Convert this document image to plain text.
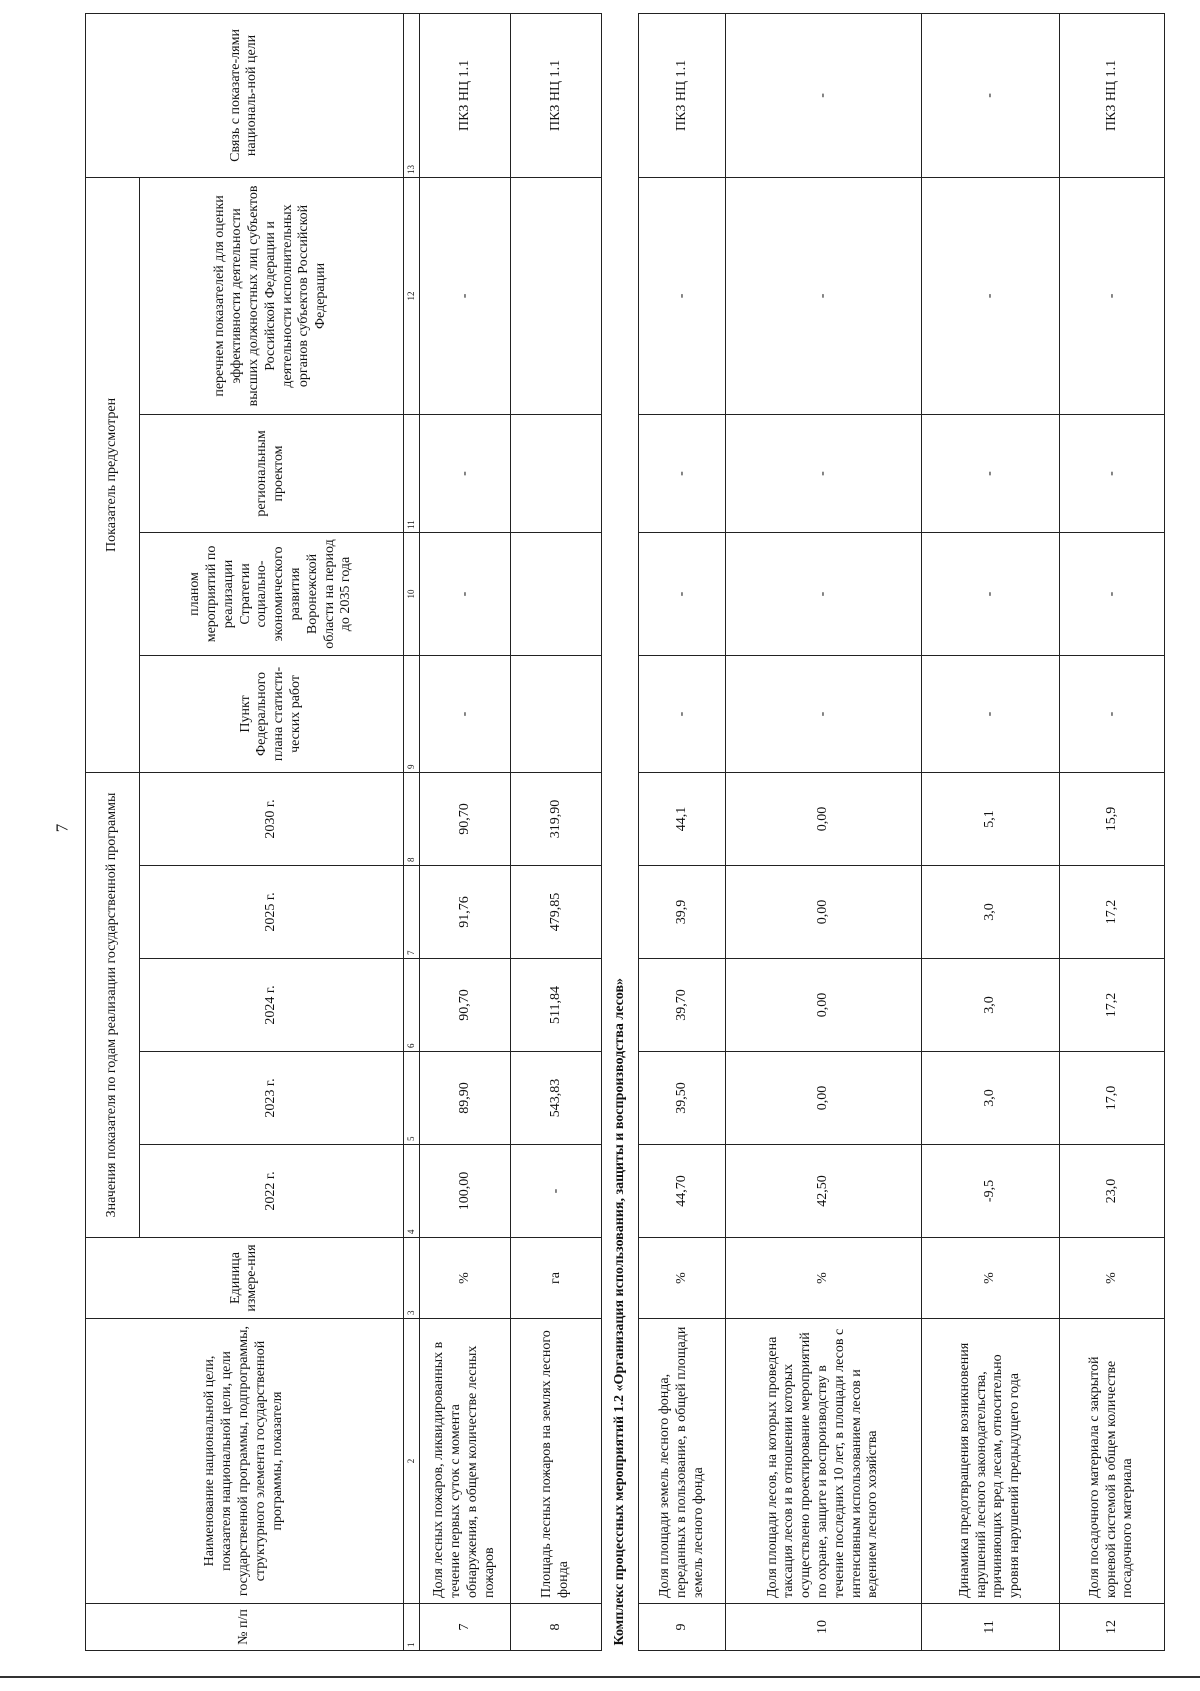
7
№ п/п	Наименование национальной цели, показателя национальной цели, цели государственной программы, подпрограммы, структурного элемента государственной программы, показателя	Единица измере-ния	Значения показателя по годам реализации государственной программы					Показатель предусмотрен				Связь с показате-лями националь-ной цели
			2022 г.	2023 г.	2024 г.	2025 г.	2030 г.	Пункт Федерального плана статисти-ческих работ	планом мероприятий по реализации Стратегии социально-экономического развития Воронежской области на период до 2035 года	региональным проектом	перечнем показателей для оценки эффективности деятельности высших должностных лиц субъектов Российской Федерации и деятельности исполнительных органов субъектов Российской Федерации	
1	2	3	4	5	6	7	8	9	10	11	12	13
7	Доля лесных пожаров, ликвидированных в течение первых суток с момента обнаружения, в общем количестве лесных пожаров	%	100,00	89,90	90,70	91,76	90,70	-	-	-	-	ПКЗ НЦ 1.1
8	Площадь лесных пожаров на землях лесного фонда	га	-	543,83	511,84	479,85	319,90					ПКЗ НЦ 1.1
Комплекс процессных мероприятий 1.2 «Организация использования, защиты и воспроизводства лесов»												
9	Доля площади земель лесного фонда, переданных в пользование, в общей площади земель лесного фонда	%	44,70	39,50	39,70	39,9	44,1	-	-	-	-	ПКЗ НЦ 1.1
10	Доля площади лесов, на которых проведена таксация лесов и в отношении которых осуществлено проектирование мероприятий по охране, защите и воспроизводству в течение последних 10 лет, в площади лесов с интенсивным использованием лесов и ведением лесного хозяйства	%	42,50	0,00	0,00	0,00	0,00	-	-	-	-	-
11	Динамика предотвращения возникновения нарушений лесного законодательства, причиняющих вред лесам, относительно уровня нарушений предыдущего года	%	-9,5	3,0	3,0	3,0	5,1	-	-	-	-	-
12	Доля посадочного материала с закрытой корневой системой в общем количестве посадочного материала	%	23,0	17,0	17,2	17,2	15,9	-	-	-	-	ПКЗ НЦ 1.1
